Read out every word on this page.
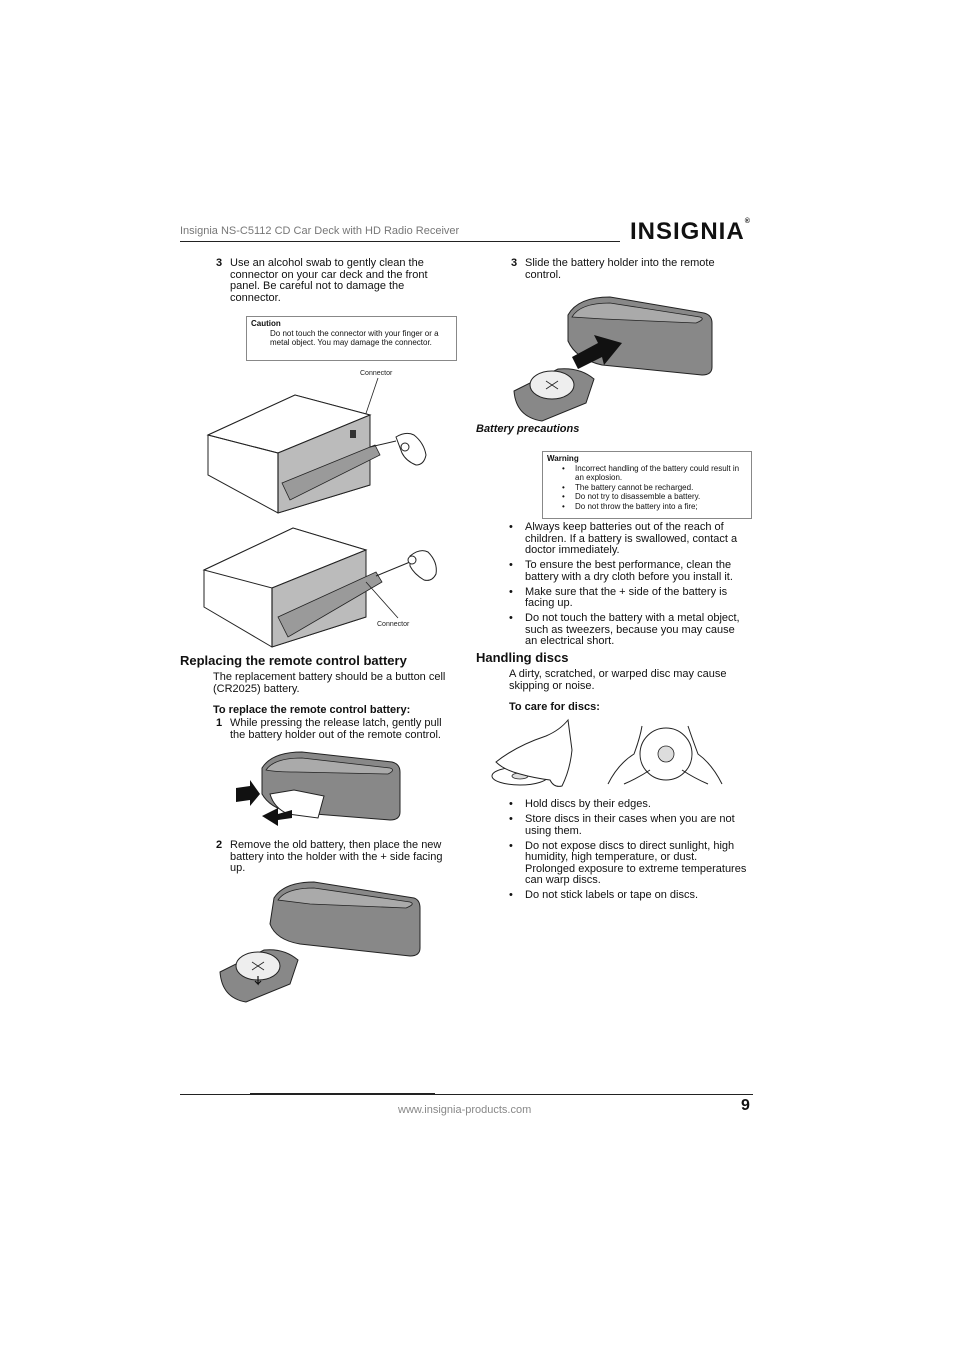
Insignia NS-C5112 CD Car Deck with HD Radio Receiver	INSIGNIA®
3 Use an alcohol swab to gently clean the connector on your car deck and the front panel. Be careful not to damage the connector.
Caution
Do not touch the connector with your finger or a metal object. You may damage the connector.
Connector
Connector
Replacing the remote control battery
The replacement battery should be a button cell (CR2025) battery.
To replace the remote control battery:
1 While pressing the release latch, gently pull the battery holder out of the remote control.
2 Remove the old battery, then place the new battery into the holder with the + side facing up.
3 Slide the battery holder into the remote control.
Battery precautions
Warning
• Incorrect handling of the battery could result in an explosion.
• The battery cannot be recharged.
• Do not try to disassemble a battery.
• Do not throw the battery into a fire;
• Always keep batteries out of the reach of children. If a battery is swallowed, contact a doctor immediately.
• To ensure the best performance, clean the battery with a dry cloth before you install it.
• Make sure that the + side of the battery is facing up.
• Do not touch the battery with a metal object, such as tweezers, because you may cause an electrical short.
Handling discs
A dirty, scratched, or warped disc may cause skipping or noise.
To care for discs:
• Hold discs by their edges.
• Store discs in their cases when you are not using them.
• Do not expose discs to direct sunlight, high humidity, high temperature, or dust. Prolonged exposure to extreme temperatures can warp discs.
• Do not stick labels or tape on discs.
www.insignia-products.com	9
